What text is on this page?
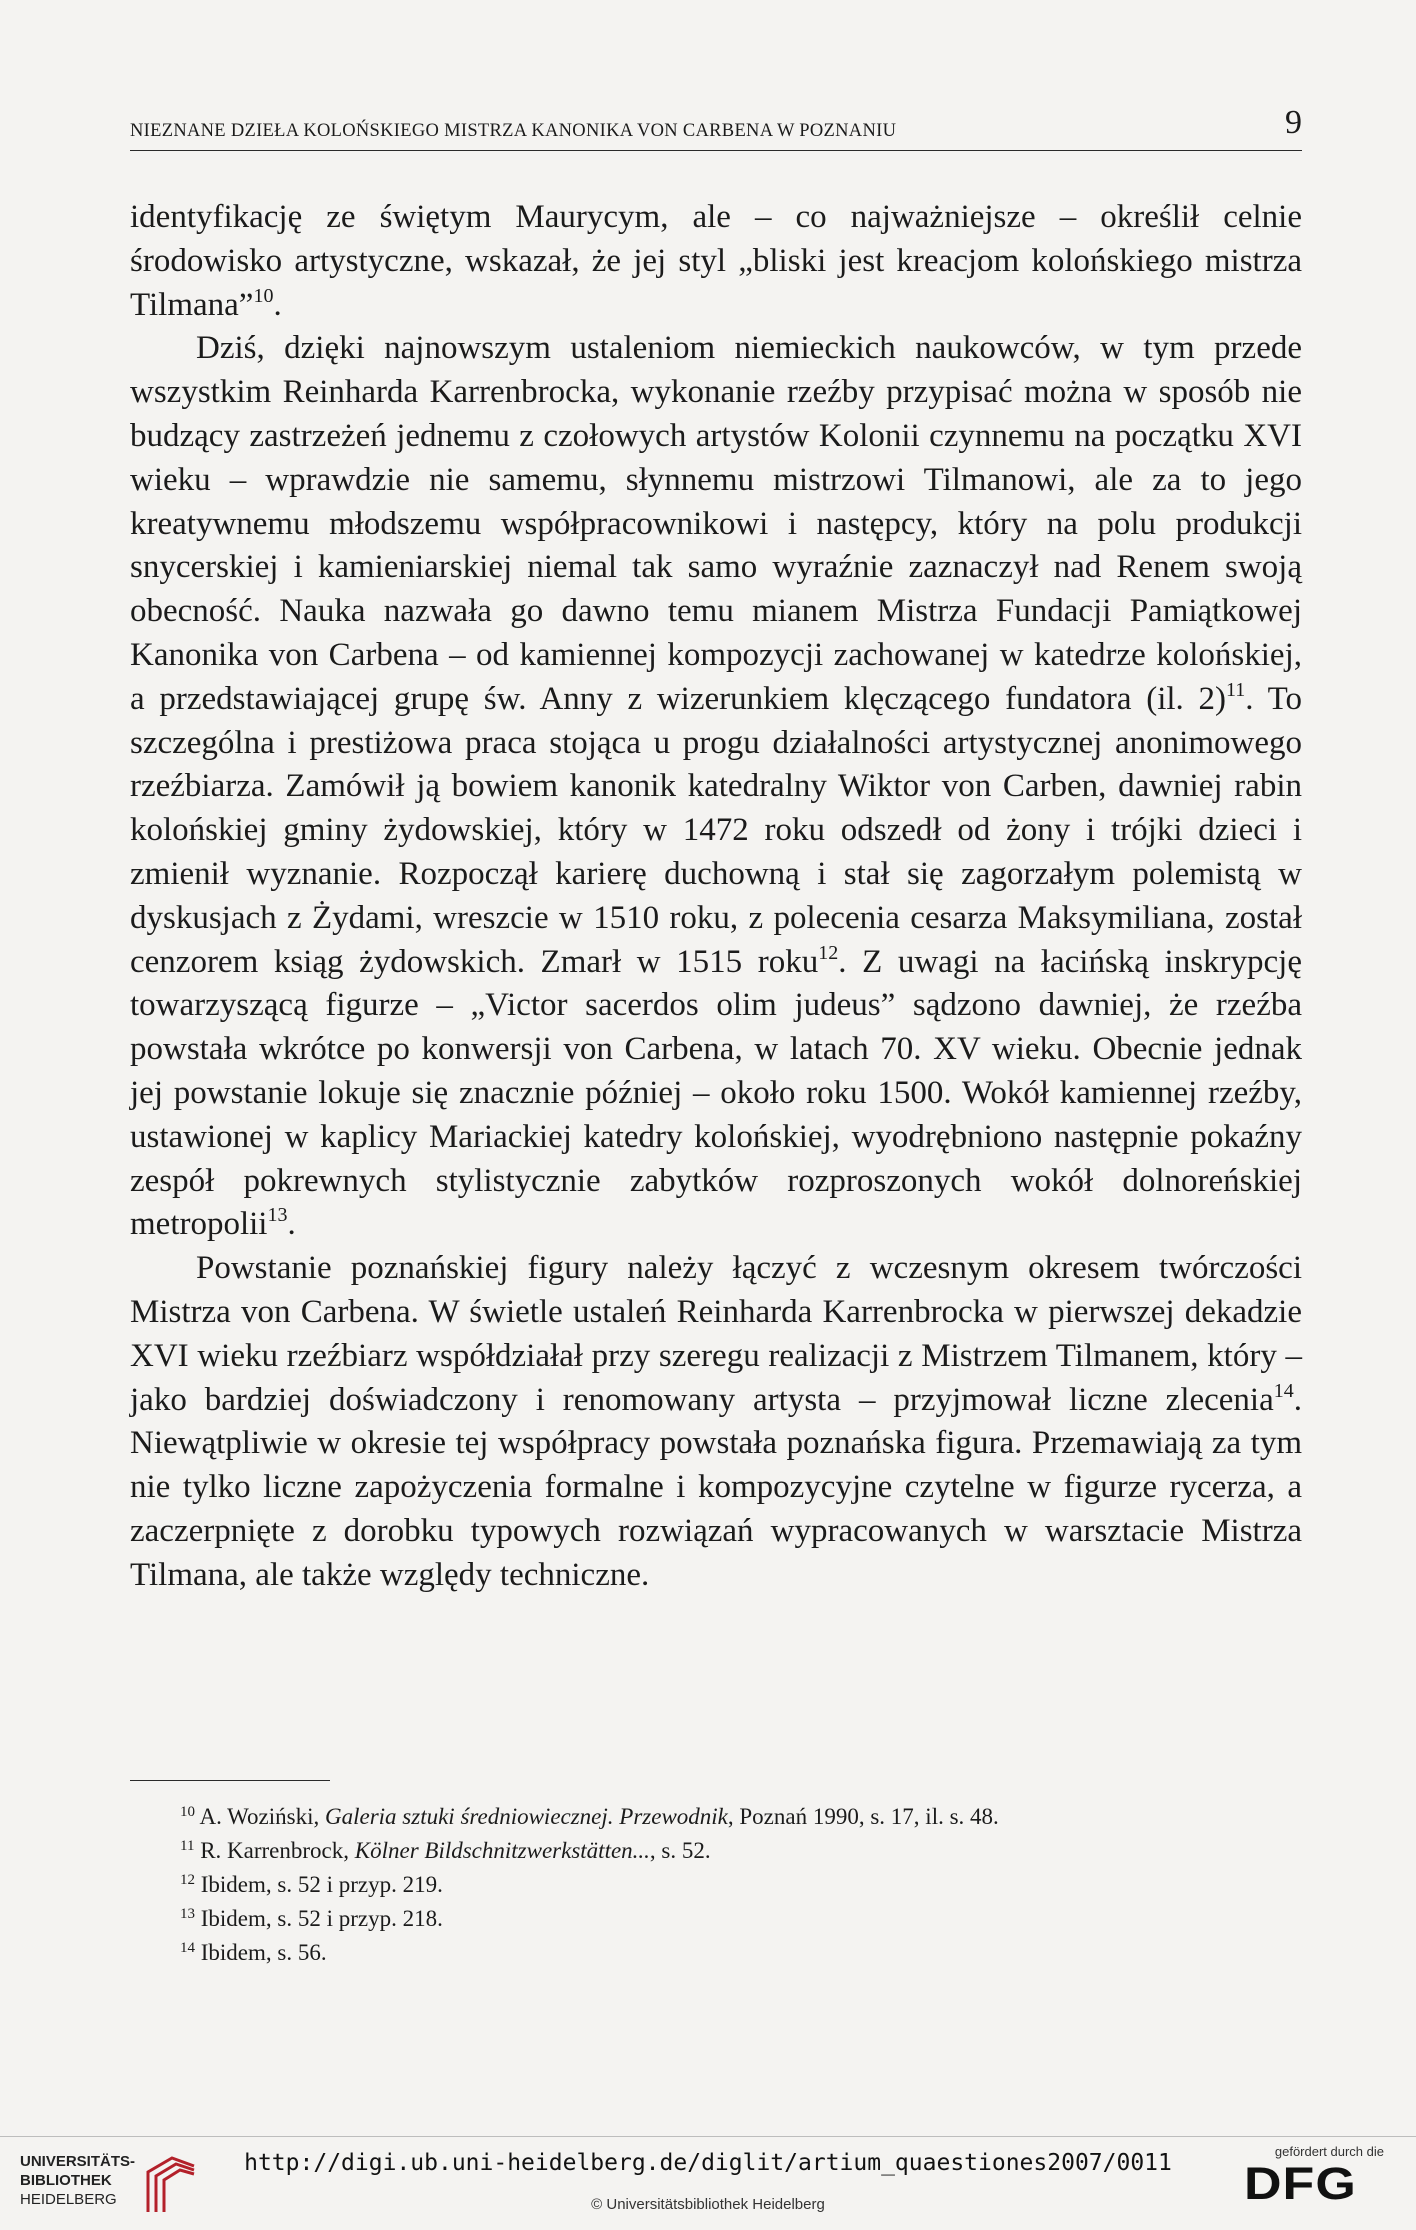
NIEZNANE DZIEŁA KOLOŃSKIEGO MISTRZA KANONIKA VON CARBENA W POZNANIU	9

identyfikację ze świętym Maurycym, ale – co najważniejsze – określił celnie środowisko artystyczne, wskazał, że jej styl „bliski jest kreacjom kolońskiego mistrza Tilmana”$^{10}$.

Dziś, dzięki najnowszym ustaleniom niemieckich naukowców, w tym przede wszystkim Reinharda Karrenbrocka, wykonanie rzeźby przypisać można w sposób nie budzący zastrzeżeń jednemu z czołowych artystów Kolonii czynnemu na początku XVI wieku – wprawdzie nie samemu, słynnemu mistrzowi Tilmanowi, ale za to jego kreatywnemu młodszemu współpracownikowi i następcy, który na polu produkcji snycerskiej i kamieniarskiej niemal tak samo wyraźnie zaznaczył nad Renem swoją obecność. Nauka nazwała go dawno temu mianem Mistrza Fundacji Pamiątkowej Kanonika von Carbena – od kamiennej kompozycji zachowanej w katedrze kolońskiej, a przedstawiającej grupę św. Anny z wizerunkiem klęczącego fundatora (il. 2)$^{11}$. To szczególna i prestiżowa praca stojąca u progu działalności artystycznej anonimowego rzeźbiarza. Zamówił ją bowiem kanonik katedralny Wiktor von Carben, dawniej rabin kolońskiej gminy żydowskiej, który w 1472 roku odszedł od żony i trójki dzieci i zmienił wyznanie. Rozpoczął karierę duchowną i stał się zagorzałym polemistą w dyskusjach z Żydami, wreszcie w 1510 roku, z polecenia cesarza Maksymiliana, został cenzorem ksiąg żydowskich. Zmarł w 1515 roku$^{12}$. Z uwagi na łacińską inskrypcję towarzyszącą figurze – „Victor sacerdos olim judeus” sądzono dawniej, że rzeźba powstała wkrótce po konwersji von Carbena, w latach 70. XV wieku. Obecnie jednak jej powstanie lokuje się znacznie później – około roku 1500. Wokół kamiennej rzeźby, ustawionej w kaplicy Mariackiej katedry kolońskiej, wyodrębniono następnie pokaźny zespół pokrewnych stylistycznie zabytków rozproszonych wokół dolnoreńskiej metropolii$^{13}$.

Powstanie poznańskiej figury należy łączyć z wczesnym okresem twórczości Mistrza von Carbena. W świetle ustaleń Reinharda Karrenbrocka w pierwszej dekadzie XVI wieku rzeźbiarz współdziałał przy szeregu realizacji z Mistrzem Tilmanem, który – jako bardziej doświadczony i renomowany artysta – przyjmował liczne zlecenia$^{14}$. Niewątpliwie w okresie tej współpracy powstała poznańska figura. Przemawiają za tym nie tylko liczne zapożyczenia formalne i kompozycyjne czytelne w figurze rycerza, a zaczerpnięte z dorobku typowych rozwiązań wypracowanych w warsztacie Mistrza Tilmana, ale także względy techniczne.

$^{10}$ A. Woziński, Galeria sztuki średniowiecznej. Przewodnik, Poznań 1990, s. 17, il. s. 48.
$^{11}$ R. Karrenbrock, Kölner Bildschnitzwerkstätten..., s. 52.
$^{12}$ Ibidem, s. 52 i przyp. 219.
$^{13}$ Ibidem, s. 52 i przyp. 218.
$^{14}$ Ibidem, s. 56.
UNIVERSITÄTS-
BIBLIOTHEK
HEIDELBERG
http://digi.ub.uni-heidelberg.de/diglit/artium_quaestiones2007/0011
© Universitätsbibliothek Heidelberg
gefördert durch die
DFG
